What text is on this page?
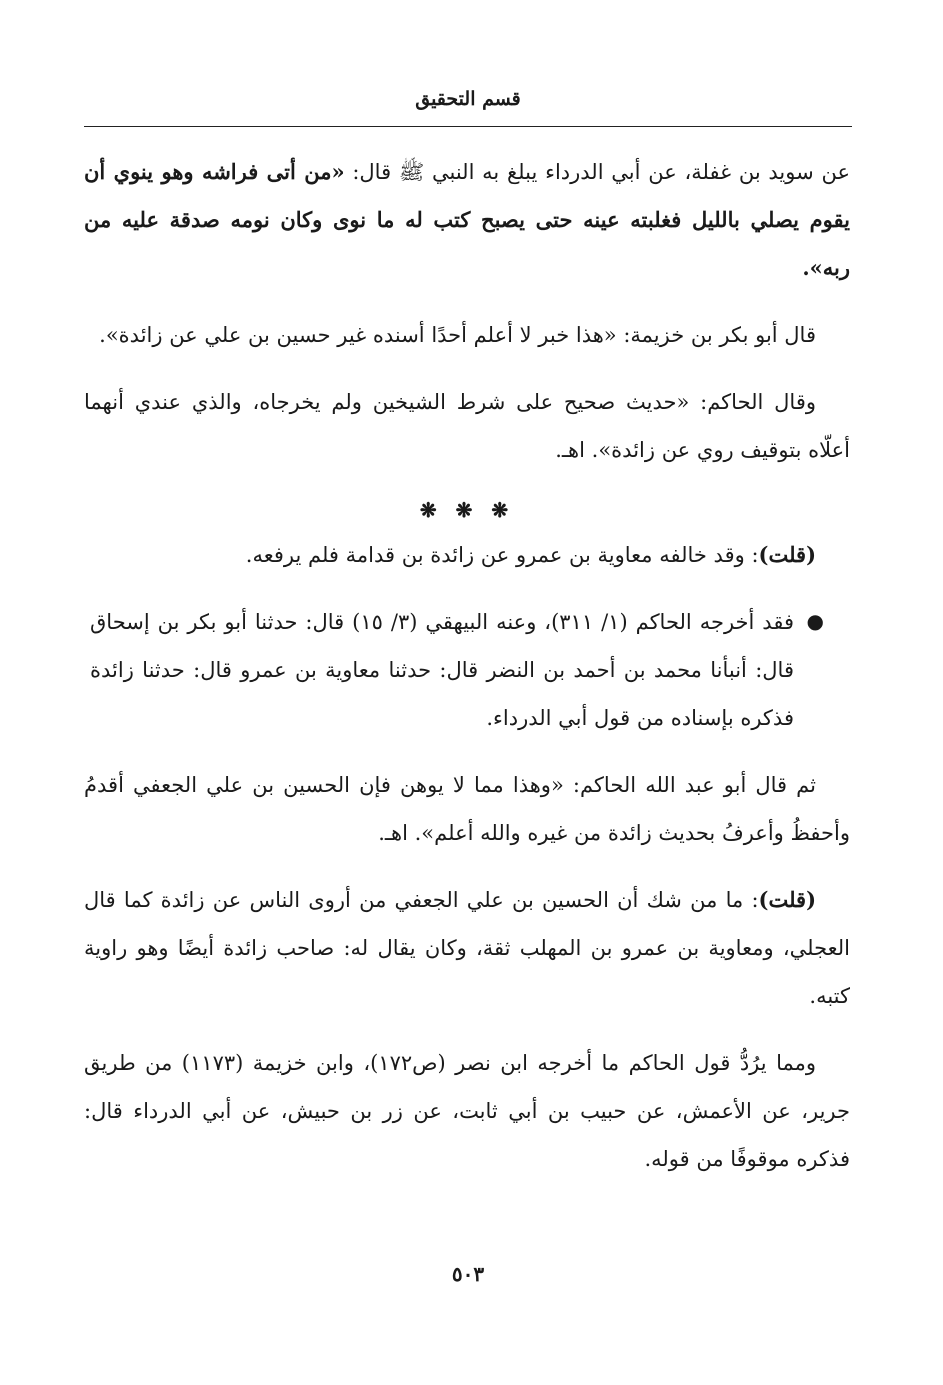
قسم التحقيق

عن سويد بن غفلة، عن أبي الدرداء يبلغ به النبي ﷺ قال: «من أتى فراشه وهو ينوي أن يقوم يصلي بالليل فغلبته عينه حتى يصبح كتب له ما نوى وكان نومه صدقة عليه من ربه».

قال أبو بكر بن خزيمة: «هذا خبر لا أعلم أحدًا أسنده غير حسين بن علي عن زائدة».

وقال الحاكم: «حديث صحيح على شرط الشيخين ولم يخرجاه، والذي عندي أنهما أعلّاه بتوقيف روي عن زائدة». اهـ.

❋ ❋ ❋

(قلت): وقد خالفه معاوية بن عمرو عن زائدة بن قدامة فلم يرفعه.

●
فقد أخرجه الحاكم (١/ ٣١١)، وعنه البيهقي (٣/ ١٥) قال: حدثنا أبو بكر بن إسحاق قال: أنبأنا محمد بن أحمد بن النضر قال: حدثنا معاوية بن عمرو قال: حدثنا زائدة فذكره بإسناده من قول أبي الدرداء.

ثم قال أبو عبد الله الحاكم: «وهذا مما لا يوهن فإن الحسين بن علي الجعفي أقدمُ وأحفظُ وأعرفُ بحديث زائدة من غيره والله أعلم». اهـ.

(قلت): ما من شك أن الحسين بن علي الجعفي من أروى الناس عن زائدة كما قال العجلي، ومعاوية بن عمرو بن المهلب ثقة، وكان يقال له: صاحب زائدة أيضًا وهو راوية كتبه.

ومما يرُدُّ قول الحاكم ما أخرجه ابن نصر (ص١٧٢)، وابن خزيمة (١١٧٣) من طريق جرير، عن الأعمش، عن حبيب بن أبي ثابت، عن زر بن حبيش، عن أبي الدرداء قال: فذكره موقوفًا من قوله.

٥٠٣
